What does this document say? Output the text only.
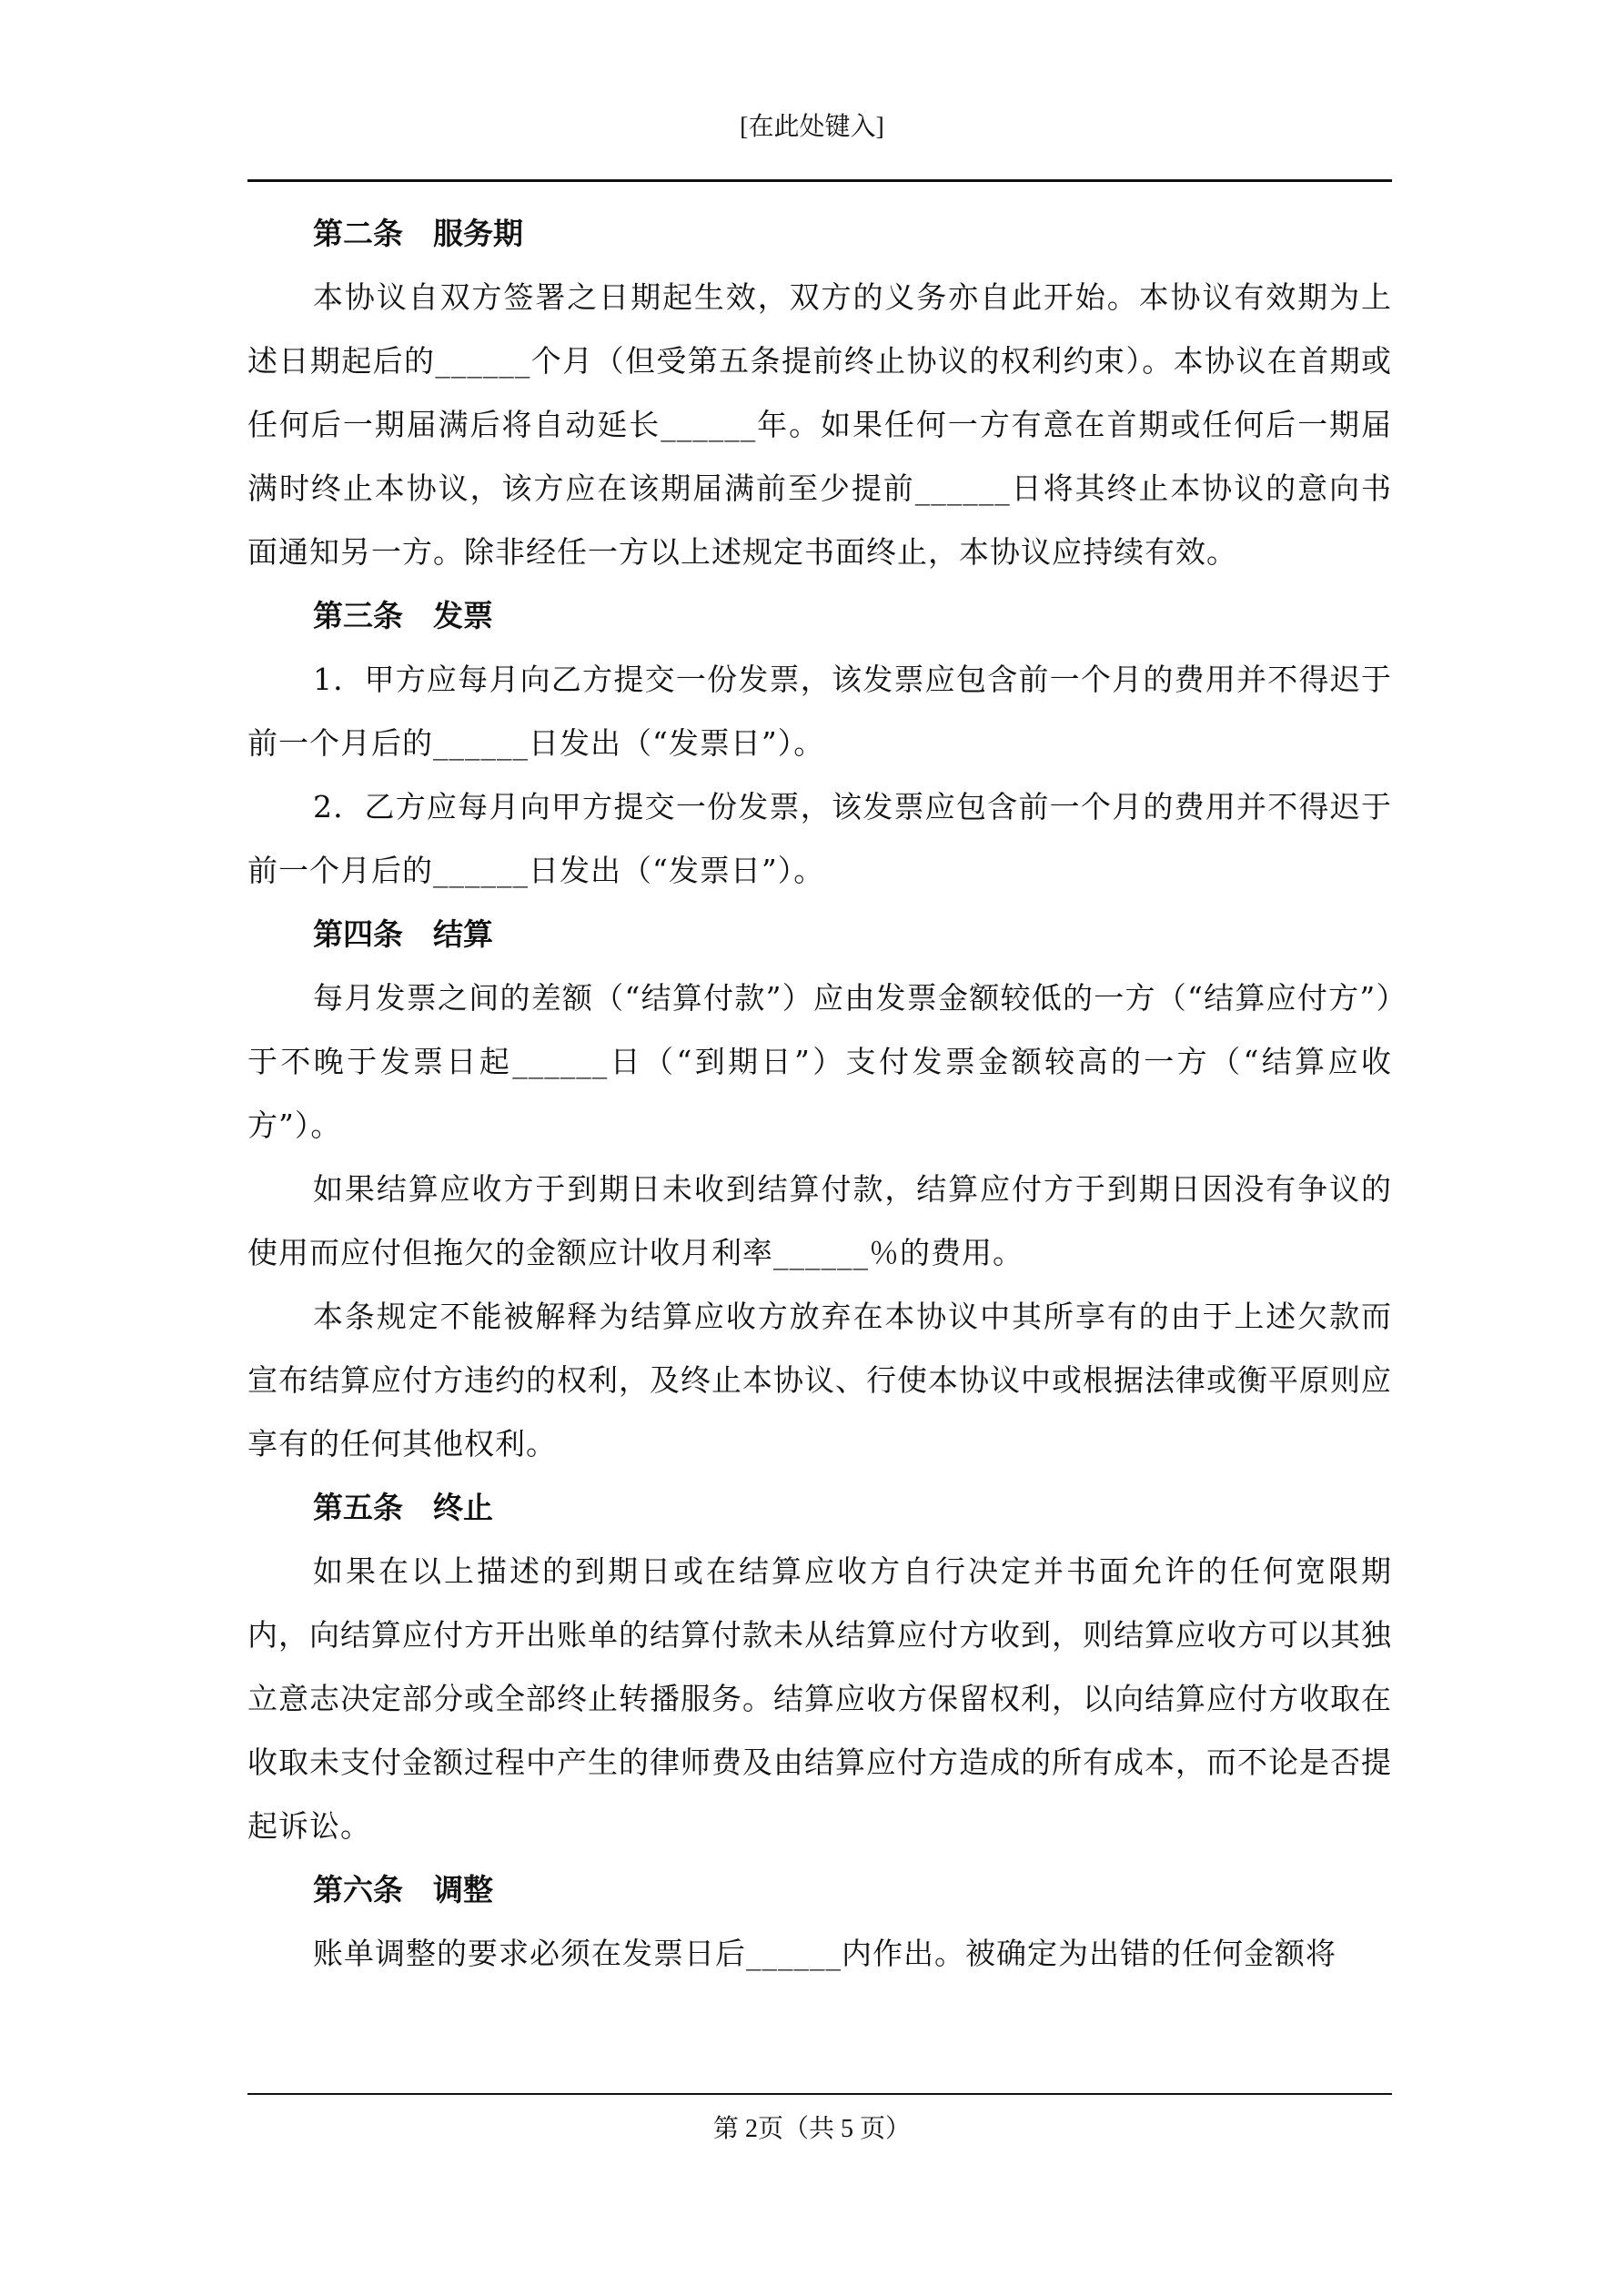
[在此处键入]
第二条　服务期

本协议自双方签署之日期起生效，双方的义务亦自此开始。本协议有效期为上述日期起后的______个月（但受第五条提前终止协议的权利约束）。本协议在首期或任何后一期届满后将自动延长______年。如果任何一方有意在首期或任何后一期届满时终止本协议，该方应在该期届满前至少提前______日将其终止本协议的意向书面通知另一方。除非经任一方以上述规定书面终止，本协议应持续有效。

第三条　发票

1．甲方应每月向乙方提交一份发票，该发票应包含前一个月的费用并不得迟于前一个月后的______日发出（“发票日”）。

2．乙方应每月向甲方提交一份发票，该发票应包含前一个月的费用并不得迟于前一个月后的______日发出（“发票日”）。

第四条　结算

每月发票之间的差额（“结算付款”）应由发票金额较低的一方（“结算应付方”）于不晚于发票日起______日（“到期日”）支付发票金额较高的一方（“结算应收方”）。

如果结算应收方于到期日未收到结算付款，结算应付方于到期日因没有争议的使用而应付但拖欠的金额应计收月利率______％的费用。

本条规定不能被解释为结算应收方放弃在本协议中其所享有的由于上述欠款而宣布结算应付方违约的权利，及终止本协议、行使本协议中或根据法律或衡平原则应享有的任何其他权利。

第五条　终止

如果在以上描述的到期日或在结算应收方自行决定并书面允许的任何宽限期内，向结算应付方开出账单的结算付款未从结算应付方收到，则结算应收方可以其独立意志决定部分或全部终止转播服务。结算应收方保留权利，以向结算应付方收取在收取未支付金额过程中产生的律师费及由结算应付方造成的所有成本，而不论是否提起诉讼。

第六条　调整

账单调整的要求必须在发票日后______内作出。被确定为出错的任何金额将

第 2页（共 5 页）
